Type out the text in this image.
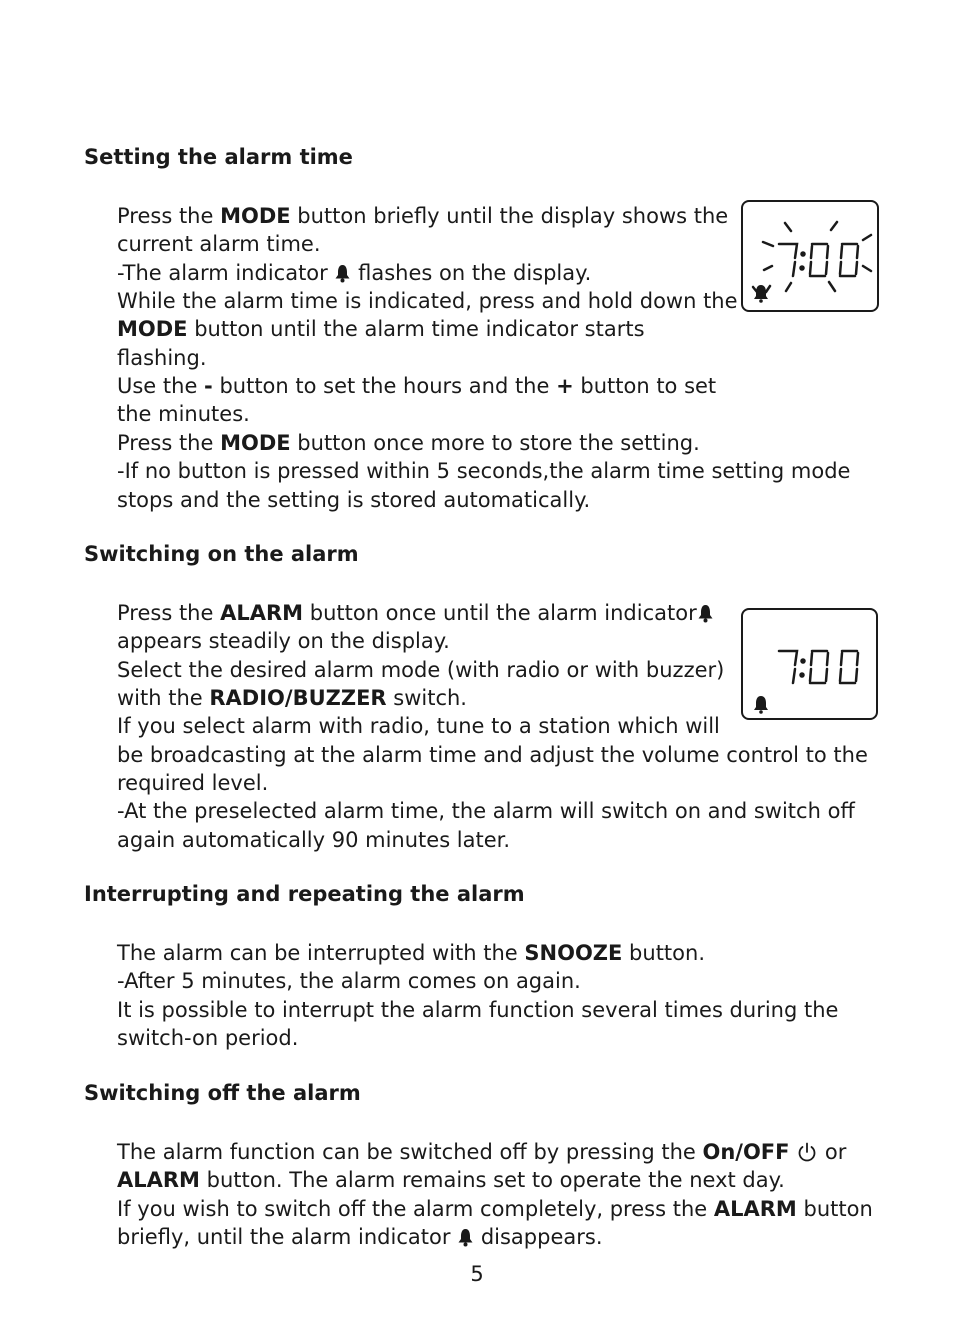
Setting the alarm time
Press the MODE button briefly until the display shows the
current alarm time.
-The alarm indicator  flashes on the display.
While the alarm time is indicated, press and hold down the
MODE button until the alarm time indicator starts
flashing.
Use the - button to set the hours and the + button to set
the minutes.
Press the MODE button once more to store the setting.
-If no button is pressed within 5 seconds,the alarm time setting mode
stops and the setting is stored automatically.
Switching on the alarm
Press the ALARM button once until the alarm indicator
appears steadily on the display.
Select the desired alarm mode (with radio or with buzzer)
with the RADIO/BUZZER switch.
If you select alarm with radio, tune to a station which will
be broadcasting at the alarm time and adjust the volume control to the
required level.
-At the preselected alarm time, the alarm will switch on and switch off
again automatically 90 minutes later.
Interrupting and repeating the alarm
The alarm can be interrupted with the SNOOZE button.
-After 5 minutes, the alarm comes on again.
It is possible to interrupt the alarm function several times during the
switch-on period.
Switching off the alarm
The alarm function can be switched off by pressing the On/OFF  or
ALARM button. The alarm remains set to operate the next day.
If you wish to switch off the alarm completely, press the ALARM button
briefly, until the alarm indicator  disappears.
5
